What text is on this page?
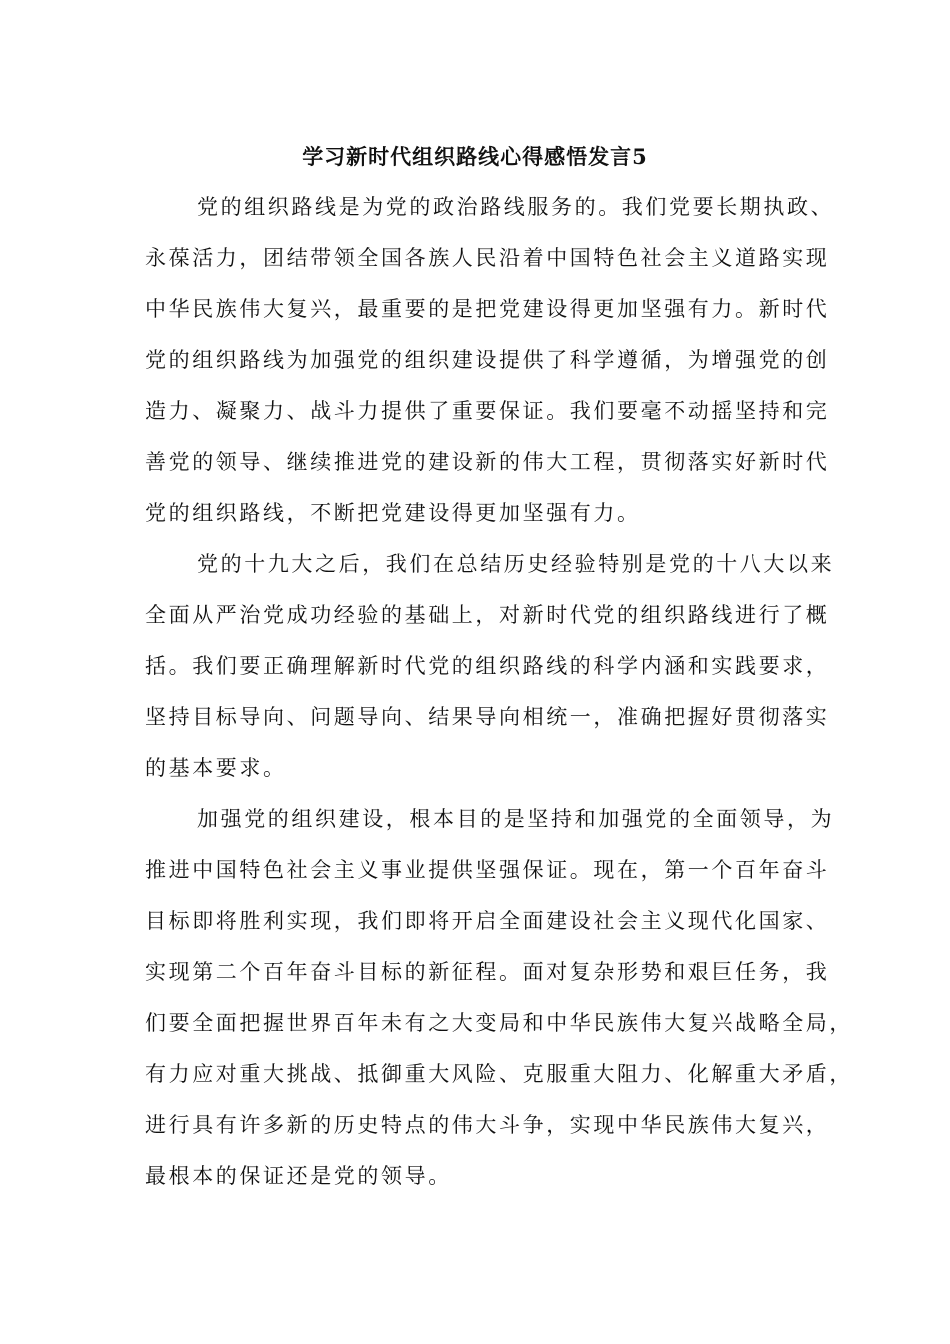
学习新时代组织路线心得感悟发言5
党的组织路线是为党的政治路线服务的。我们党要长期执政、
永葆活力，团结带领全国各族人民沿着中国特色社会主义道路实现
中华民族伟大复兴，最重要的是把党建设得更加坚强有力。新时代
党的组织路线为加强党的组织建设提供了科学遵循，为增强党的创
造力、凝聚力、战斗力提供了重要保证。我们要毫不动摇坚持和完
善党的领导、继续推进党的建设新的伟大工程，贯彻落实好新时代
党的组织路线，不断把党建设得更加坚强有力。
党的十九大之后，我们在总结历史经验特别是党的十八大以来
全面从严治党成功经验的基础上，对新时代党的组织路线进行了概
括。我们要正确理解新时代党的组织路线的科学内涵和实践要求，
坚持目标导向、问题导向、结果导向相统一，准确把握好贯彻落实
的基本要求。
加强党的组织建设，根本目的是坚持和加强党的全面领导，为
推进中国特色社会主义事业提供坚强保证。现在，第一个百年奋斗
目标即将胜利实现，我们即将开启全面建设社会主义现代化国家、
实现第二个百年奋斗目标的新征程。面对复杂形势和艰巨任务，我
们要全面把握世界百年未有之大变局和中华民族伟大复兴战略全局，
有力应对重大挑战、抵御重大风险、克服重大阻力、化解重大矛盾，
进行具有许多新的历史特点的伟大斗争，实现中华民族伟大复兴，
最根本的保证还是党的领导。
